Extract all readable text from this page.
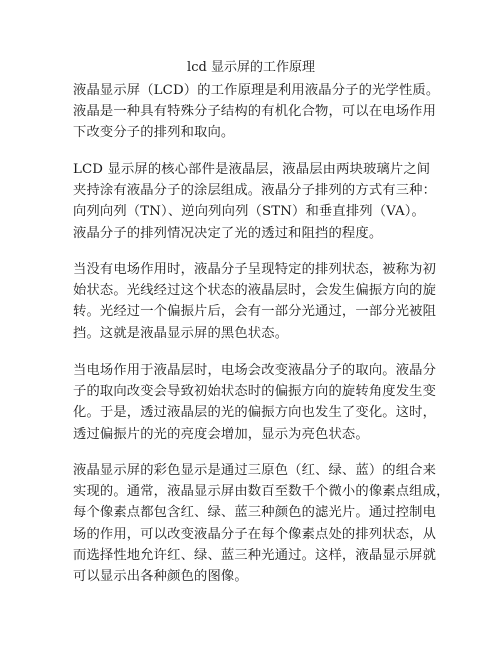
lcd 显示屏的工作原理
液晶显示屏（LCD）的工作原理是利用液晶分子的光学性质。
液晶是一种具有特殊分子结构的有机化合物，可以在电场作用
下改变分子的排列和取向。
LCD 显示屏的核心部件是液晶层，液晶层由两块玻璃片之间
夹持涂有液晶分子的涂层组成。液晶分子排列的方式有三种：
向列向列（TN）、逆向列向列（STN）和垂直排列（VA）。
液晶分子的排列情况决定了光的透过和阻挡的程度。
当没有电场作用时，液晶分子呈现特定的排列状态，被称为初
始状态。光线经过这个状态的液晶层时，会发生偏振方向的旋
转。光经过一个偏振片后，会有一部分光通过，一部分光被阻
挡。这就是液晶显示屏的黑色状态。
当电场作用于液晶层时，电场会改变液晶分子的取向。液晶分
子的取向改变会导致初始状态时的偏振方向的旋转角度发生变
化。于是，透过液晶层的光的偏振方向也发生了变化。这时，
透过偏振片的光的亮度会增加，显示为亮色状态。
液晶显示屏的彩色显示是通过三原色（红、绿、蓝）的组合来
实现的。通常，液晶显示屏由数百至数千个微小的像素点组成，
每个像素点都包含红、绿、蓝三种颜色的滤光片。通过控制电
场的作用，可以改变液晶分子在每个像素点处的排列状态，从
而选择性地允许红、绿、蓝三种光通过。这样，液晶显示屏就
可以显示出各种颜色的图像。
